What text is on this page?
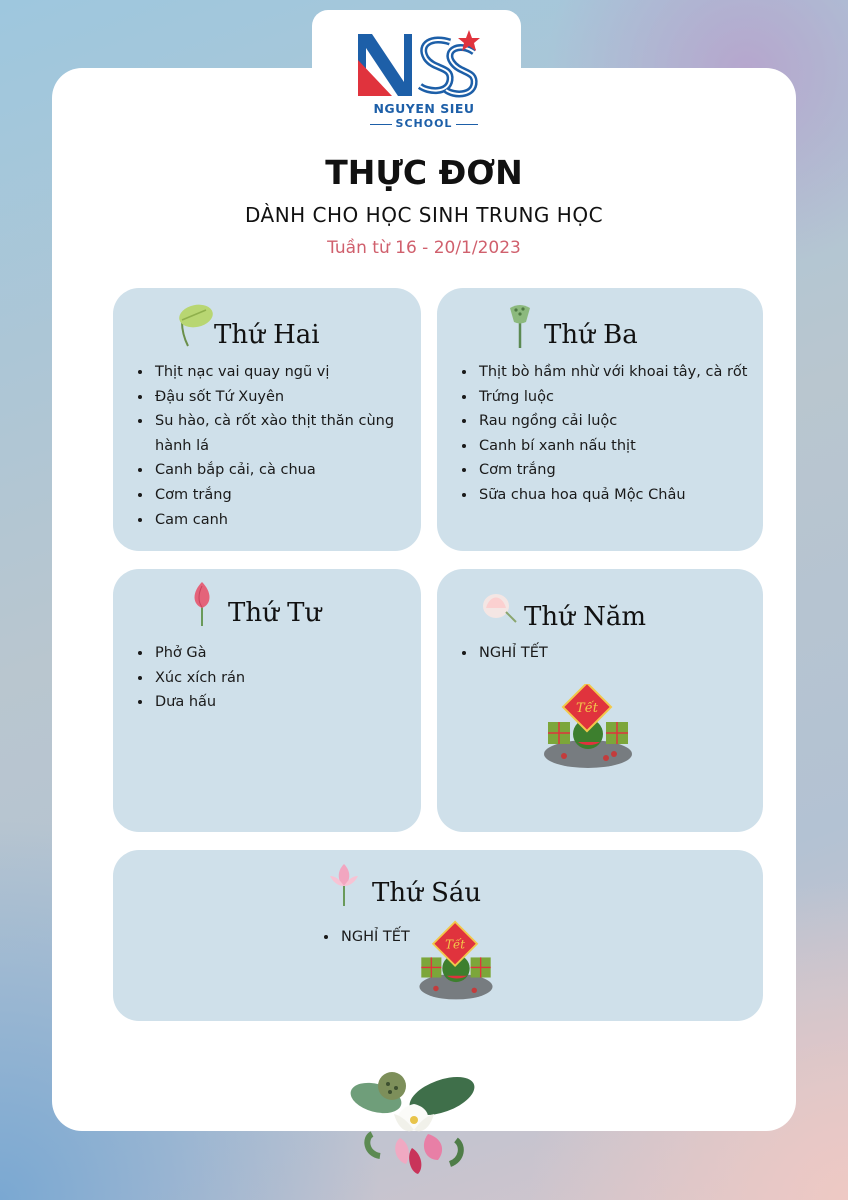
NGUYEN SIEU
SCHOOL
THỰC ĐƠN
DÀNH CHO HỌC SINH TRUNG HỌC
Tuần từ 16 - 20/1/2023
Thứ Hai
• Thịt nạc vai quay ngũ vị
• Đậu sốt Tứ Xuyên
• Su hào, cà rốt xào thịt thăn cùng hành lá
• Canh bắp cải, cà chua
• Cơm trắng
• Cam canh
Thứ Ba
• Thịt bò hầm nhừ với khoai tây, cà rốt
• Trứng luộc
• Rau ngồng cải luộc
• Canh bí xanh nấu thịt
• Cơm trắng
• Sữa chua hoa quả Mộc Châu
Thứ Tư
• Phở Gà
• Xúc xích rán
• Dưa hấu
Thứ Năm
• NGHỈ TẾT
Tết
Thứ Sáu
• NGHỈ TẾT	Tết
